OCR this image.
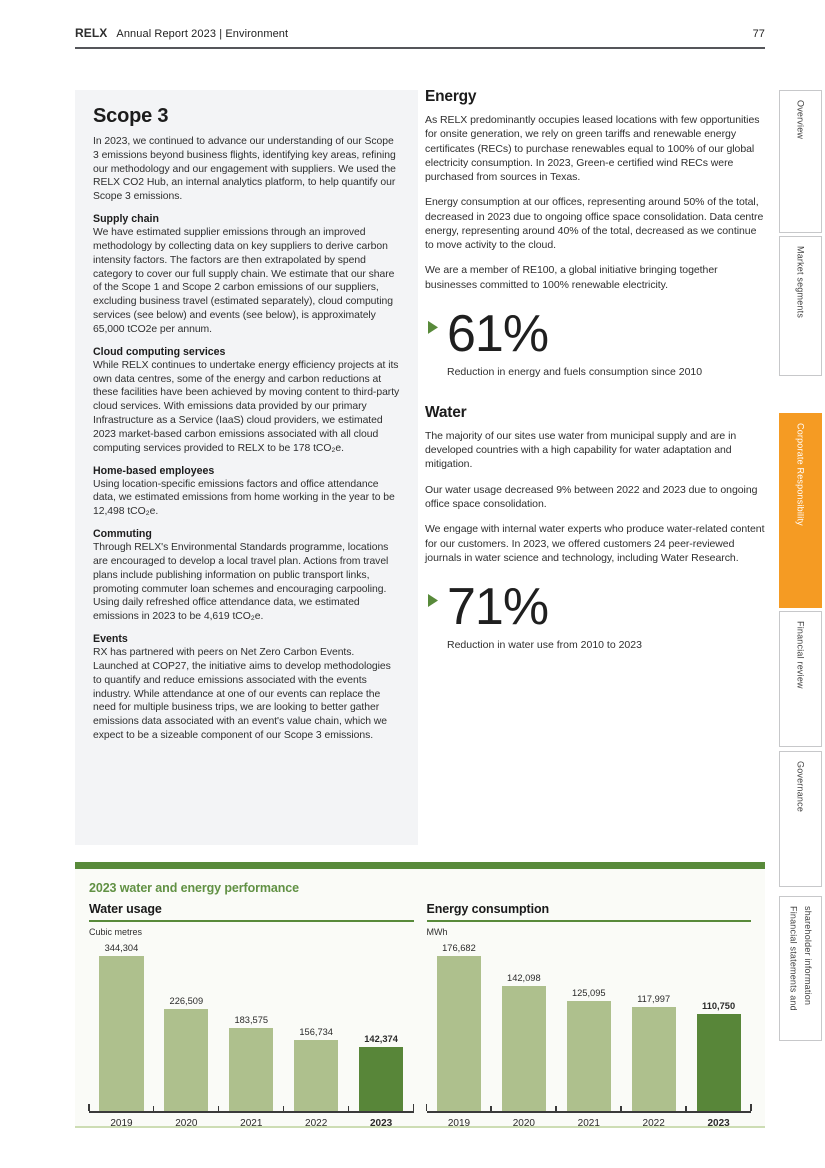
RELX Annual Report 2023 | Environment	77
Scope 3

In 2023, we continued to advance our understanding of our Scope 3 emissions beyond business flights, identifying key areas, refining our methodology and our engagement with suppliers. We used the RELX CO2 Hub, an internal analytics platform, to help quantify our Scope 3 emissions.

Supply chain

We have estimated supplier emissions through an improved methodology by collecting data on key suppliers to derive carbon intensity factors. The factors are then extrapolated by spend category to cover our full supply chain. We estimate that our share of the Scope 1 and Scope 2 carbon emissions of our suppliers, excluding business travel (estimated separately), cloud computing services (see below) and events (see below), is approximately 65,000 tCO2e per annum.

Cloud computing services

While RELX continues to undertake energy efficiency projects at its own data centres, some of the energy and carbon reductions at these facilities have been achieved by moving content to third-party cloud services. With emissions data provided by our primary Infrastructure as a Service (IaaS) cloud providers, we estimated 2023 market-based carbon emissions associated with all cloud computing services provided to RELX to be 178 tCO₂e.

Home-based employees

Using location-specific emissions factors and office attendance data, we estimated emissions from home working in the year to be 12,498 tCO₂e.

Commuting

Through RELX's Environmental Standards programme, locations are encouraged to develop a local travel plan. Actions from travel plans include publishing information on public transport links, promoting commuter loan schemes and encouraging carpooling. Using daily refreshed office attendance data, we estimated emissions in 2023 to be 4,619 tCO₂e.

Events

RX has partnered with peers on Net Zero Carbon Events. Launched at COP27, the initiative aims to develop methodologies to quantify and reduce emissions associated with the events industry. While attendance at one of our events can replace the need for multiple business trips, we are looking to better gather emissions data associated with an event's value chain, which we expect to be a sizeable component of our Scope 3 emissions.

Energy

As RELX predominantly occupies leased locations with few opportunities for onsite generation, we rely on green tariffs and renewable energy certificates (RECs) to purchase renewables equal to 100% of our global electricity consumption. In 2023, Green-e certified wind RECs were purchased from sources in Texas.

Energy consumption at our offices, representing around 50% of the total, decreased in 2023 due to ongoing office space consolidation. Data centre energy, representing around 40% of the total, decreased as we continue to move activity to the cloud.

We are a member of RE100, a global initiative bringing together businesses committed to 100% renewable electricity.

61%
Reduction in energy and fuels consumption since 2010
Water

The majority of our sites use water from municipal supply and are in developed countries with a high capability for water adaptation and mitigation.

Our water usage decreased 9% between 2022 and 2023 due to ongoing office space consolidation.

We engage with internal water experts who produce water-related content for our customers. In 2023, we offered customers 24 peer-reviewed journals in water science and technology, including Water Research.

71%
Reduction in water use from 2010 to 2023
Overview
Market segments
Corporate Responsibility
Financial review
Governance
Financial statements and shareholder information
2023 water and energy performance
Water usage
Cubic metres
344,304
226,509
183,575
156,734
142,374
2019	2020	2021	2022	2023
Energy consumption
MWh
176,682
142,098
125,095
117,997
110,750
2019	2020	2021	2022	2023
